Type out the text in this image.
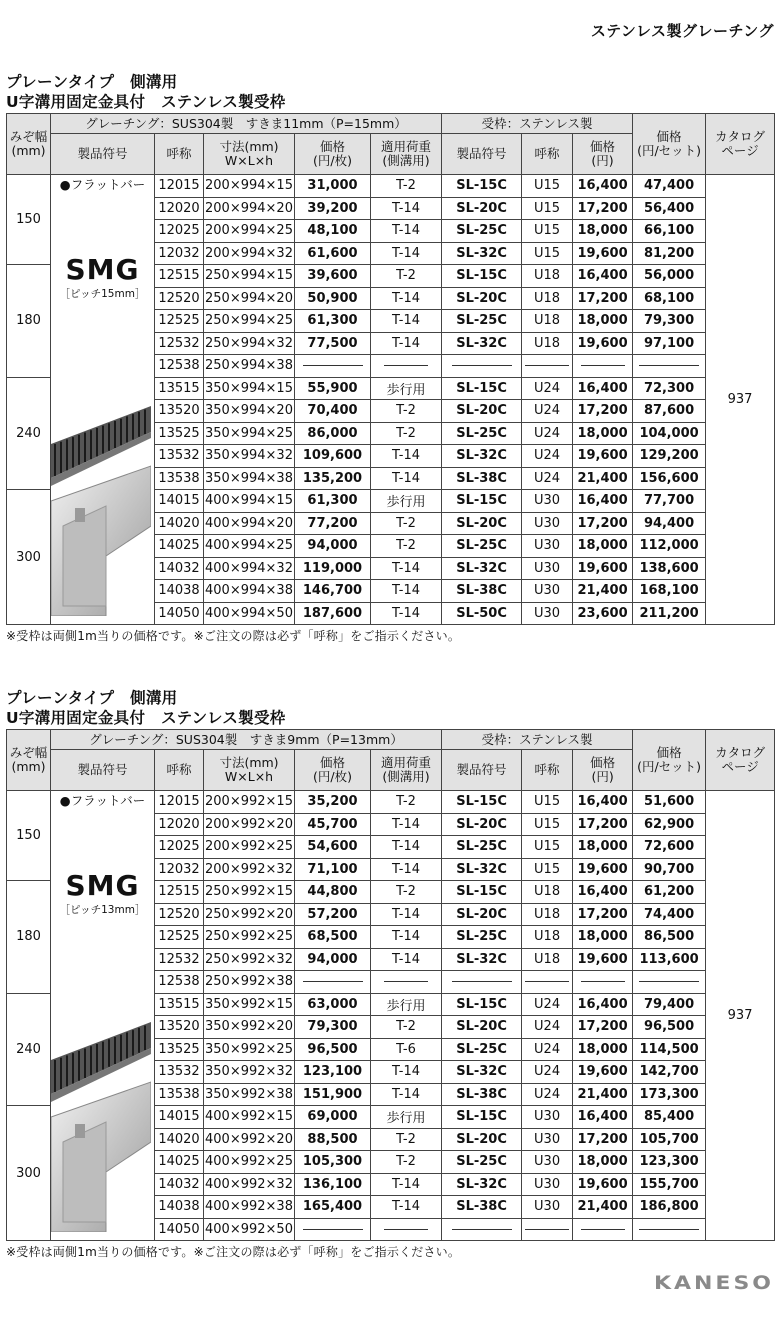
ステンレス製グレーチング
プレーンタイプ　側溝用
U字溝用固定金具付　ステンレス製受枠
みぞ幅
(mm)	グレーチング：SUS304製　すきま11mm（P=15mm）					受枠：ステンレス製			価格
(円/セット)	カタログ
ページ
	製品符号	呼称	寸法(mm)
W×L×h	価格
(円/枚)	適用荷重
(側溝用)	製品符号	呼称	価格
(円)		
150	●フラットバー
SMG
［ピッチ15mm］	12015	200×994×15	31,000	T-2	SL-15C	U15	16,400	47,400	937
		12020	200×994×20	39,200	T-14	SL-20C	U15	17,200	56,400	
		12025	200×994×25	48,100	T-14	SL-25C	U15	18,000	66,100	
		12032	200×994×32	61,600	T-14	SL-32C	U15	19,600	81,200	
180		12515	250×994×15	39,600	T-2	SL-15C	U18	16,400	56,000	
		12520	250×994×20	50,900	T-14	SL-20C	U18	17,200	68,100	
		12525	250×994×25	61,300	T-14	SL-25C	U18	18,000	79,300	
		12532	250×994×32	77,500	T-14	SL-32C	U18	19,600	97,100	
		12538	250×994×38							
240		13515	350×994×15	55,900	歩行用	SL-15C	U24	16,400	72,300	
		13520	350×994×20	70,400	T-2	SL-20C	U24	17,200	87,600	
		13525	350×994×25	86,000	T-2	SL-25C	U24	18,000	104,000	
		13532	350×994×32	109,600	T-14	SL-32C	U24	19,600	129,200	
		13538	350×994×38	135,200	T-14	SL-38C	U24	21,400	156,600	
300		14015	400×994×15	61,300	歩行用	SL-15C	U30	16,400	77,700	
		14020	400×994×20	77,200	T-2	SL-20C	U30	17,200	94,400	
		14025	400×994×25	94,000	T-2	SL-25C	U30	18,000	112,000	
		14032	400×994×32	119,000	T-14	SL-32C	U30	19,600	138,600	
		14038	400×994×38	146,700	T-14	SL-38C	U30	21,400	168,100	
		14050	400×994×50	187,600	T-14	SL-50C	U30	23,600	211,200	
※受枠は両側1m当りの価格です。※ご注文の際は必ず「呼称」をご指示ください。
プレーンタイプ　側溝用
U字溝用固定金具付　ステンレス製受枠
みぞ幅
(mm)	グレーチング：SUS304製　すきま9mm（P=13mm）					受枠：ステンレス製			価格
(円/セット)	カタログ
ページ
	製品符号	呼称	寸法(mm)
W×L×h	価格
(円/枚)	適用荷重
(側溝用)	製品符号	呼称	価格
(円)		
150	●フラットバー
SMG
［ピッチ13mm］	12015	200×992×15	35,200	T-2	SL-15C	U15	16,400	51,600	937
		12020	200×992×20	45,700	T-14	SL-20C	U15	17,200	62,900	
		12025	200×992×25	54,600	T-14	SL-25C	U15	18,000	72,600	
		12032	200×992×32	71,100	T-14	SL-32C	U15	19,600	90,700	
180		12515	250×992×15	44,800	T-2	SL-15C	U18	16,400	61,200	
		12520	250×992×20	57,200	T-14	SL-20C	U18	17,200	74,400	
		12525	250×992×25	68,500	T-14	SL-25C	U18	18,000	86,500	
		12532	250×992×32	94,000	T-14	SL-32C	U18	19,600	113,600	
		12538	250×992×38							
240		13515	350×992×15	63,000	歩行用	SL-15C	U24	16,400	79,400	
		13520	350×992×20	79,300	T-2	SL-20C	U24	17,200	96,500	
		13525	350×992×25	96,500	T-6	SL-25C	U24	18,000	114,500	
		13532	350×992×32	123,100	T-14	SL-32C	U24	19,600	142,700	
		13538	350×992×38	151,900	T-14	SL-38C	U24	21,400	173,300	
300		14015	400×992×15	69,000	歩行用	SL-15C	U30	16,400	85,400	
		14020	400×992×20	88,500	T-2	SL-20C	U30	17,200	105,700	
		14025	400×992×25	105,300	T-2	SL-25C	U30	18,000	123,300	
		14032	400×992×32	136,100	T-14	SL-32C	U30	19,600	155,700	
		14038	400×992×38	165,400	T-14	SL-38C	U30	21,400	186,800	
		14050	400×992×50							
※受枠は両側1m当りの価格です。※ご注文の際は必ず「呼称」をご指示ください。
KANESO
